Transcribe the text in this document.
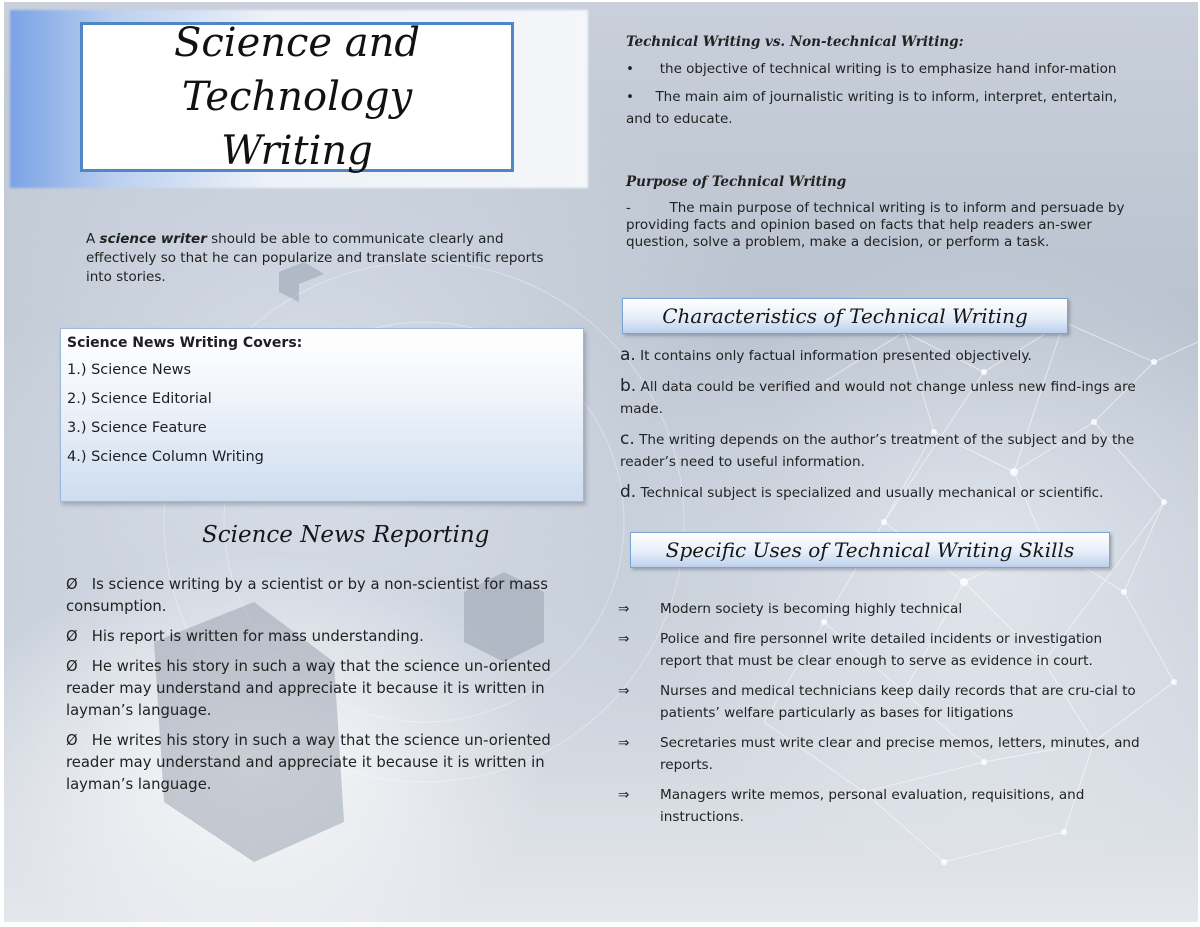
Science and Technology
Writing
A science writer should be able to communicate clearly and effectively so that he can popularize and translate scientific reports into stories.
Science News Writing Covers:
1.) Science News
2.) Science Editorial
3.) Science Feature
4.) Science Column Writing
Science News Reporting

Ø Is science writing by a scientist or by a non-scientist for mass consumption.

Ø His report is written for mass understanding.

Ø He writes his story in such a way that the science un-oriented reader may understand and appreciate it because it is written in layman’s language.

Ø He writes his story in such a way that the science un-oriented reader may understand and appreciate it because it is written in layman’s language.

Technical Writing vs. Non-technical Writing:

• the objective of technical writing is to emphasize hand infor-mation

• The main aim of journalistic writing is to inform, interpret, entertain, and to educate.

Purpose of Technical Writing
-	The main purpose of technical writing is to inform and persuade by providing facts and opinion based on facts that help readers an-swer question, solve a problem, make a decision, or perform a task.
Characteristics of Technical Writing

a. It contains only factual information presented objectively.

b. All data could be verified and would not change unless new find-ings are made.

c. The writing depends on the author’s treatment of the subject and by the reader’s need to useful information.

d. Technical subject is specialized and usually mechanical or scientific.

Specific Uses of Technical Writing Skills
⇒	Modern society is becoming highly technical
⇒	Police and fire personnel write detailed incidents or investigation report that must be clear enough to serve as evidence in court.
⇒	Nurses and medical technicians keep daily records that are cru-cial to patients’ welfare particularly as bases for litigations
⇒	Secretaries must write clear and precise memos, letters, minutes, and reports.
⇒	Managers write memos, personal evaluation, requisitions, and instructions.
